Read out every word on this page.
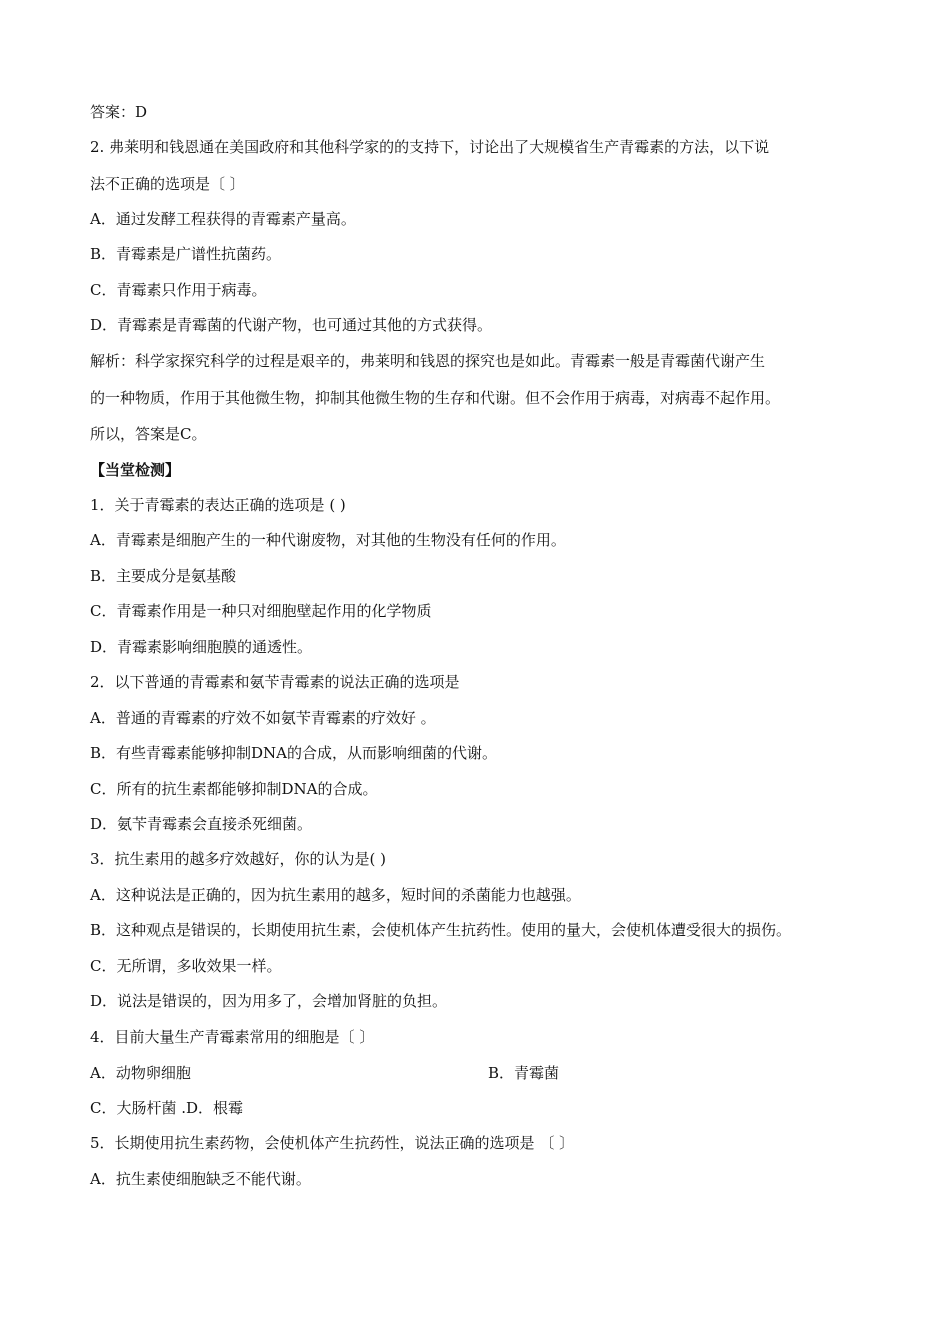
答案：D
2. 弗莱明和钱恩通在美国政府和其他科学家的的支持下，讨论出了大规模省生产青霉素的方法，以下说
法不正确的选项是〔 〕
A．通过发酵工程获得的青霉素产量高。
B．青霉素是广谱性抗菌药。
C．青霉素只作用于病毒。
D．青霉素是青霉菌的代谢产物，也可通过其他的方式获得。
解析：科学家探究科学的过程是艰辛的，弗莱明和钱恩的探究也是如此。青霉素一般是青霉菌代谢产生
的一种物质，作用于其他微生物，抑制其他微生物的生存和代谢。但不会作用于病毒，对病毒不起作用。
所以，答案是C。
【当堂检测】
1．关于青霉素的表达正确的选项是 ( )
A．青霉素是细胞产生的一种代谢废物，对其他的生物没有任何的作用。
B．主要成分是氨基酸
C．青霉素作用是一种只对细胞壁起作用的化学物质
D．青霉素影响细胞膜的通透性。
2．以下普通的青霉素和氨苄青霉素的说法正确的选项是
A．普通的青霉素的疗效不如氨苄青霉素的疗效好 。
B．有些青霉素能够抑制DNA的合成，从而影响细菌的代谢。
C．所有的抗生素都能够抑制DNA的合成。
D．氨苄青霉素会直接杀死细菌。
3．抗生素用的越多疗效越好，你的认为是( )
A．这种说法是正确的，因为抗生素用的越多，短时间的杀菌能力也越强。
B．这种观点是错误的，长期使用抗生素，会使机体产生抗药性。使用的量大，会使机体遭受很大的损伤。
C．无所谓，多收效果一样。
D．说法是错误的，因为用多了，会增加肾脏的负担。
4．目前大量生产青霉素常用的细胞是〔 〕
A．动物卵细胞	B．青霉菌
C．大肠杆菌 .D．根霉
5．长期使用抗生素药物，会使机体产生抗药性，说法正确的选项是 〔 〕
A．抗生素使细胞缺乏不能代谢。
